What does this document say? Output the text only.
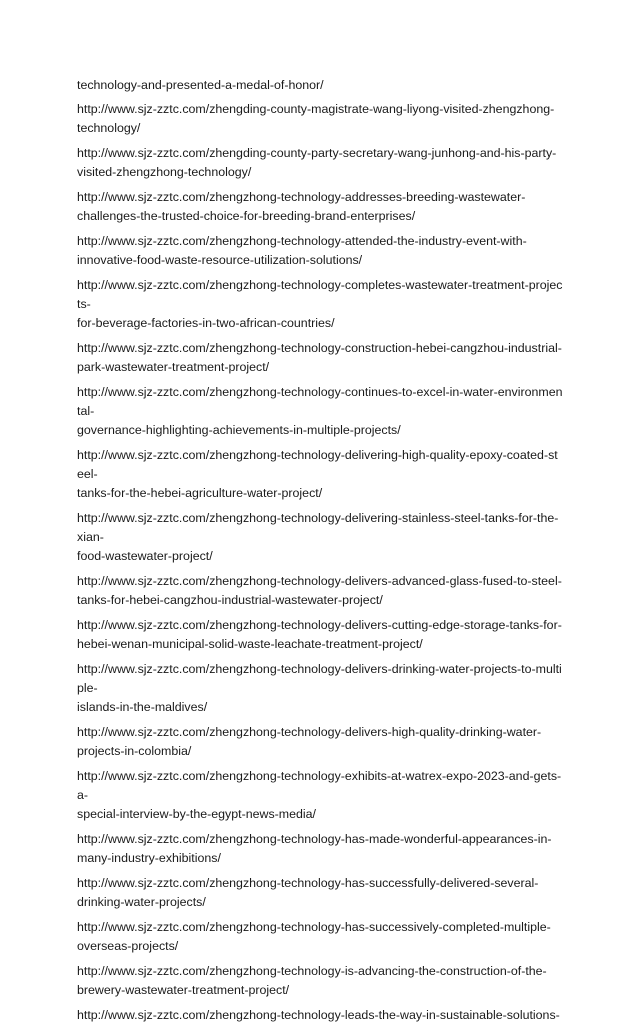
technology-and-presented-a-medal-of-honor/
http://www.sjz-zztc.com/zhengding-county-magistrate-wang-liyong-visited-zhengzhong-
technology/
http://www.sjz-zztc.com/zhengding-county-party-secretary-wang-junhong-and-his-party-
visited-zhengzhong-technology/
http://www.sjz-zztc.com/zhengzhong-technology-addresses-breeding-wastewater-
challenges-the-trusted-choice-for-breeding-brand-enterprises/
http://www.sjz-zztc.com/zhengzhong-technology-attended-the-industry-event-with-
innovative-food-waste-resource-utilization-solutions/
http://www.sjz-zztc.com/zhengzhong-technology-completes-wastewater-treatment-projects-
for-beverage-factories-in-two-african-countries/
http://www.sjz-zztc.com/zhengzhong-technology-construction-hebei-cangzhou-industrial-
park-wastewater-treatment-project/
http://www.sjz-zztc.com/zhengzhong-technology-continues-to-excel-in-water-environmental-
governance-highlighting-achievements-in-multiple-projects/
http://www.sjz-zztc.com/zhengzhong-technology-delivering-high-quality-epoxy-coated-steel-
tanks-for-the-hebei-agriculture-water-project/
http://www.sjz-zztc.com/zhengzhong-technology-delivering-stainless-steel-tanks-for-the-xian-
food-wastewater-project/
http://www.sjz-zztc.com/zhengzhong-technology-delivers-advanced-glass-fused-to-steel-
tanks-for-hebei-cangzhou-industrial-wastewater-project/
http://www.sjz-zztc.com/zhengzhong-technology-delivers-cutting-edge-storage-tanks-for-
hebei-wenan-municipal-solid-waste-leachate-treatment-project/
http://www.sjz-zztc.com/zhengzhong-technology-delivers-drinking-water-projects-to-multiple-
islands-in-the-maldives/
http://www.sjz-zztc.com/zhengzhong-technology-delivers-high-quality-drinking-water-
projects-in-colombia/
http://www.sjz-zztc.com/zhengzhong-technology-exhibits-at-watrex-expo-2023-and-gets-a-
special-interview-by-the-egypt-news-media/
http://www.sjz-zztc.com/zhengzhong-technology-has-made-wonderful-appearances-in-
many-industry-exhibitions/
http://www.sjz-zztc.com/zhengzhong-technology-has-successfully-delivered-several-
drinking-water-projects/
http://www.sjz-zztc.com/zhengzhong-technology-has-successively-completed-multiple-
overseas-projects/
http://www.sjz-zztc.com/zhengzhong-technology-is-advancing-the-construction-of-the-
brewery-wastewater-treatment-project/
http://www.sjz-zztc.com/zhengzhong-technology-leads-the-way-in-sustainable-solutions-
